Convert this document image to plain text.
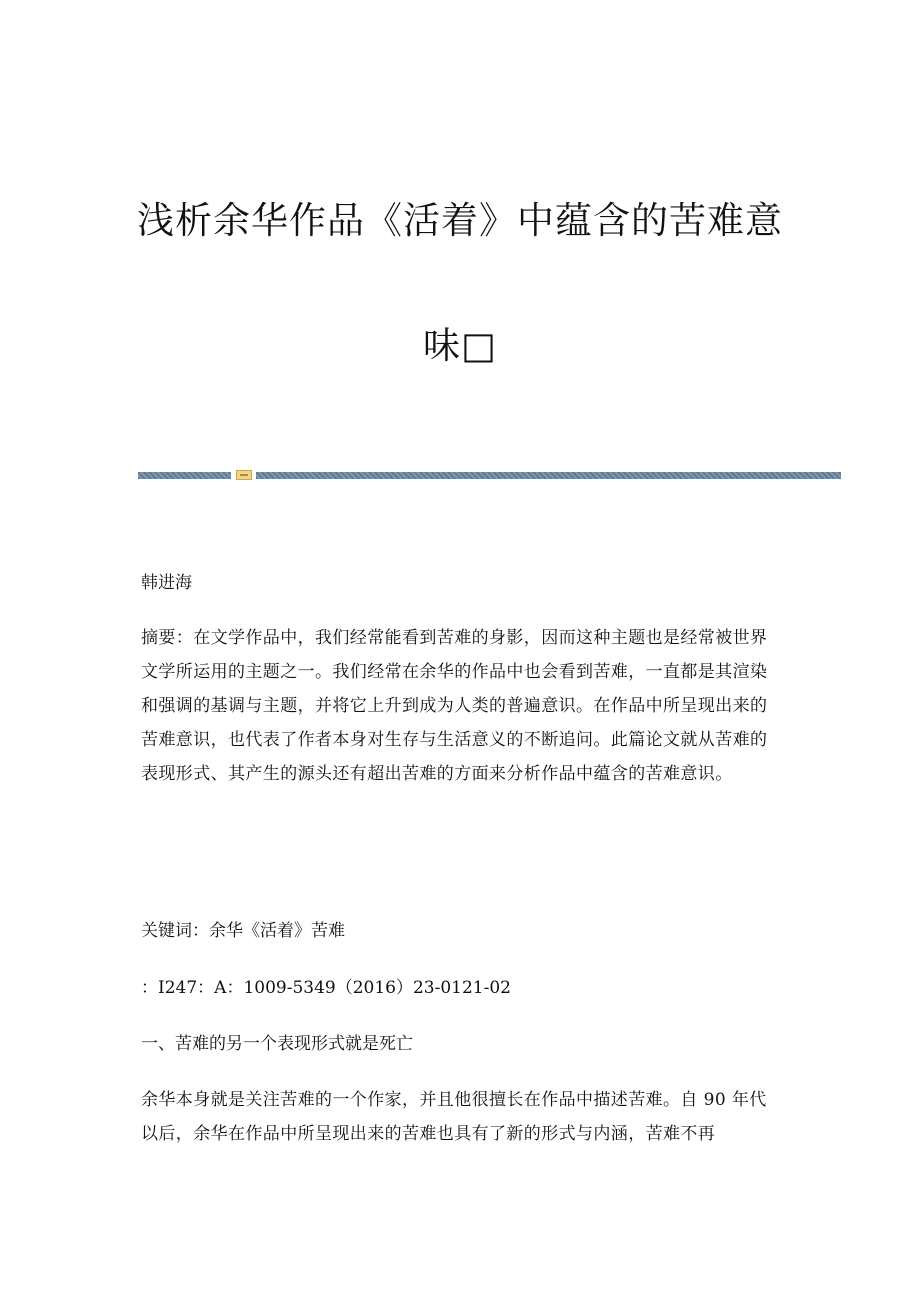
浅析余华作品《活着》中蕴含的苦难意
味□

韩进海

摘要：在文学作品中，我们经常能看到苦难的身影，因而这种主题也是经常被世界文学所运用的主题之一。我们经常在余华的作品中也会看到苦难，一直都是其渲染和强调的基调与主题，并将它上升到成为人类的普遍意识。在作品中所呈现出来的苦难意识，也代表了作者本身对生存与生活意义的不断追问。此篇论文就从苦难的表现形式、其产生的源头还有超出苦难的方面来分析作品中蕴含的苦难意识。

关键词：余华《活着》苦难

：I247：A：1009-5349（2016）23-0121-02

一、苦难的另一个表现形式就是死亡

余华本身就是关注苦难的一个作家，并且他很擅长在作品中描述苦难。自 90 年代以后，余华在作品中所呈现出来的苦难也具有了新的形式与内涵，苦难不再
